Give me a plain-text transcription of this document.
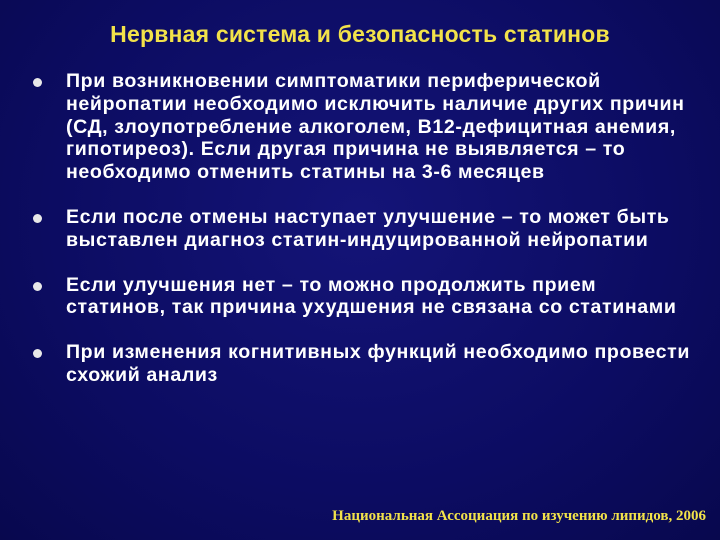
Нервная система и безопасность статинов
При возникновении симптоматики периферической нейропатии необходимо исключить наличие других причин (СД, злоупотребление алкоголем, B12-дефицитная анемия, гипотиреоз). Если другая причина не выявляется – то необходимо отменить статины на 3-6 месяцев
Если после отмены наступает улучшение – то может быть выставлен диагноз статин-индуцированной нейропатии
Если улучшения нет – то можно продолжить прием статинов, так причина ухудшения не связана со статинами
При изменения когнитивных функций необходимо провести схожий анализ
Национальная Ассоциация по изучению липидов, 2006
